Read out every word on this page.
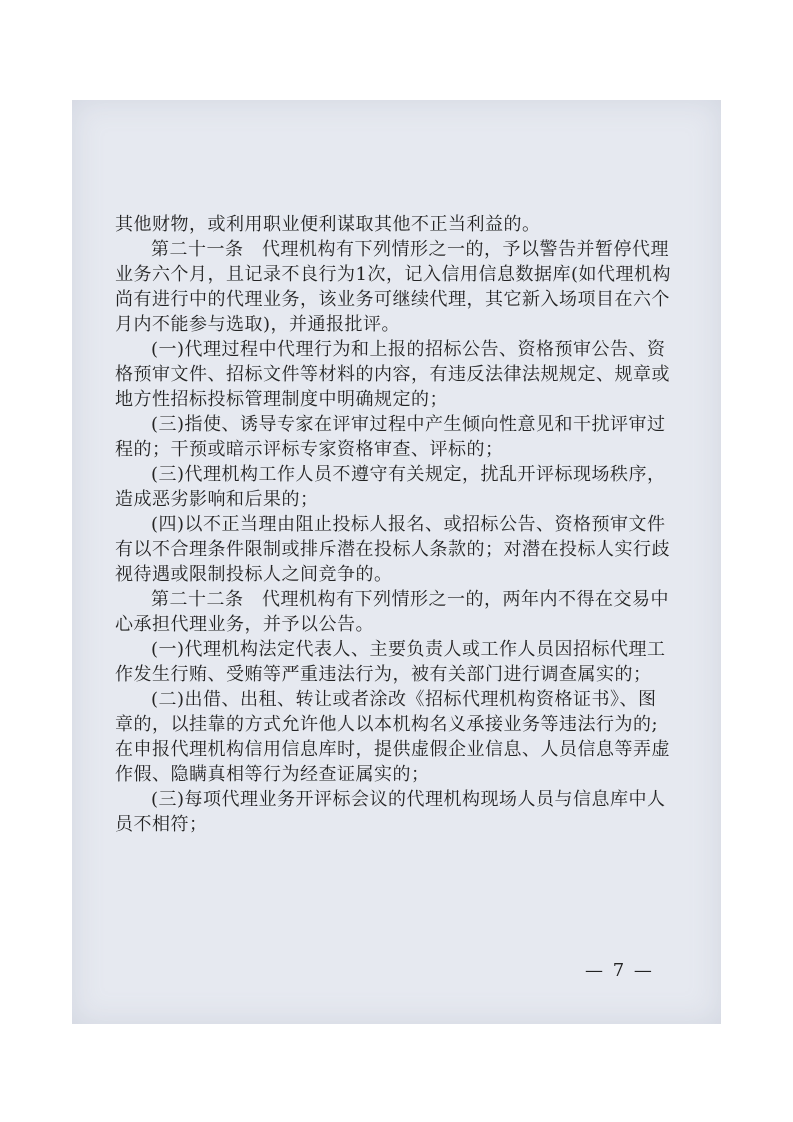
其他财物，或利用职业便利谋取其他不正当利益的。

第二十一条　代理机构有下列情形之一的，予以警告并暂停代理业务六个月，且记录不良行为1次，记入信用信息数据库(如代理机构尚有进行中的代理业务，该业务可继续代理，其它新入场项目在六个月内不能参与选取)，并通报批评。

(一)代理过程中代理行为和上报的招标公告、资格预审公告、资格预审文件、招标文件等材料的内容，有违反法律法规规定、规章或地方性招标投标管理制度中明确规定的；

(三)指使、诱导专家在评审过程中产生倾向性意见和干扰评审过程的；干预或暗示评标专家资格审查、评标的；

(三)代理机构工作人员不遵守有关规定，扰乱开评标现场秩序，造成恶劣影响和后果的；

(四)以不正当理由阻止投标人报名、或招标公告、资格预审文件有以不合理条件限制或排斥潜在投标人条款的；对潜在投标人实行歧视待遇或限制投标人之间竞争的。

第二十二条　代理机构有下列情形之一的，两年内不得在交易中心承担代理业务，并予以公告。

(一)代理机构法定代表人、主要负责人或工作人员因招标代理工作发生行贿、受贿等严重违法行为，被有关部门进行调查属实的；

(二)出借、出租、转让或者涂改《招标代理机构资格证书》、图章的，以挂靠的方式允许他人以本机构名义承接业务等违法行为的;在申报代理机构信用信息库时，提供虚假企业信息、人员信息等弄虚作假、隐瞒真相等行为经查证属实的；

(三)每项代理业务开评标会议的代理机构现场人员与信息库中人员不相符；

— 7 —
